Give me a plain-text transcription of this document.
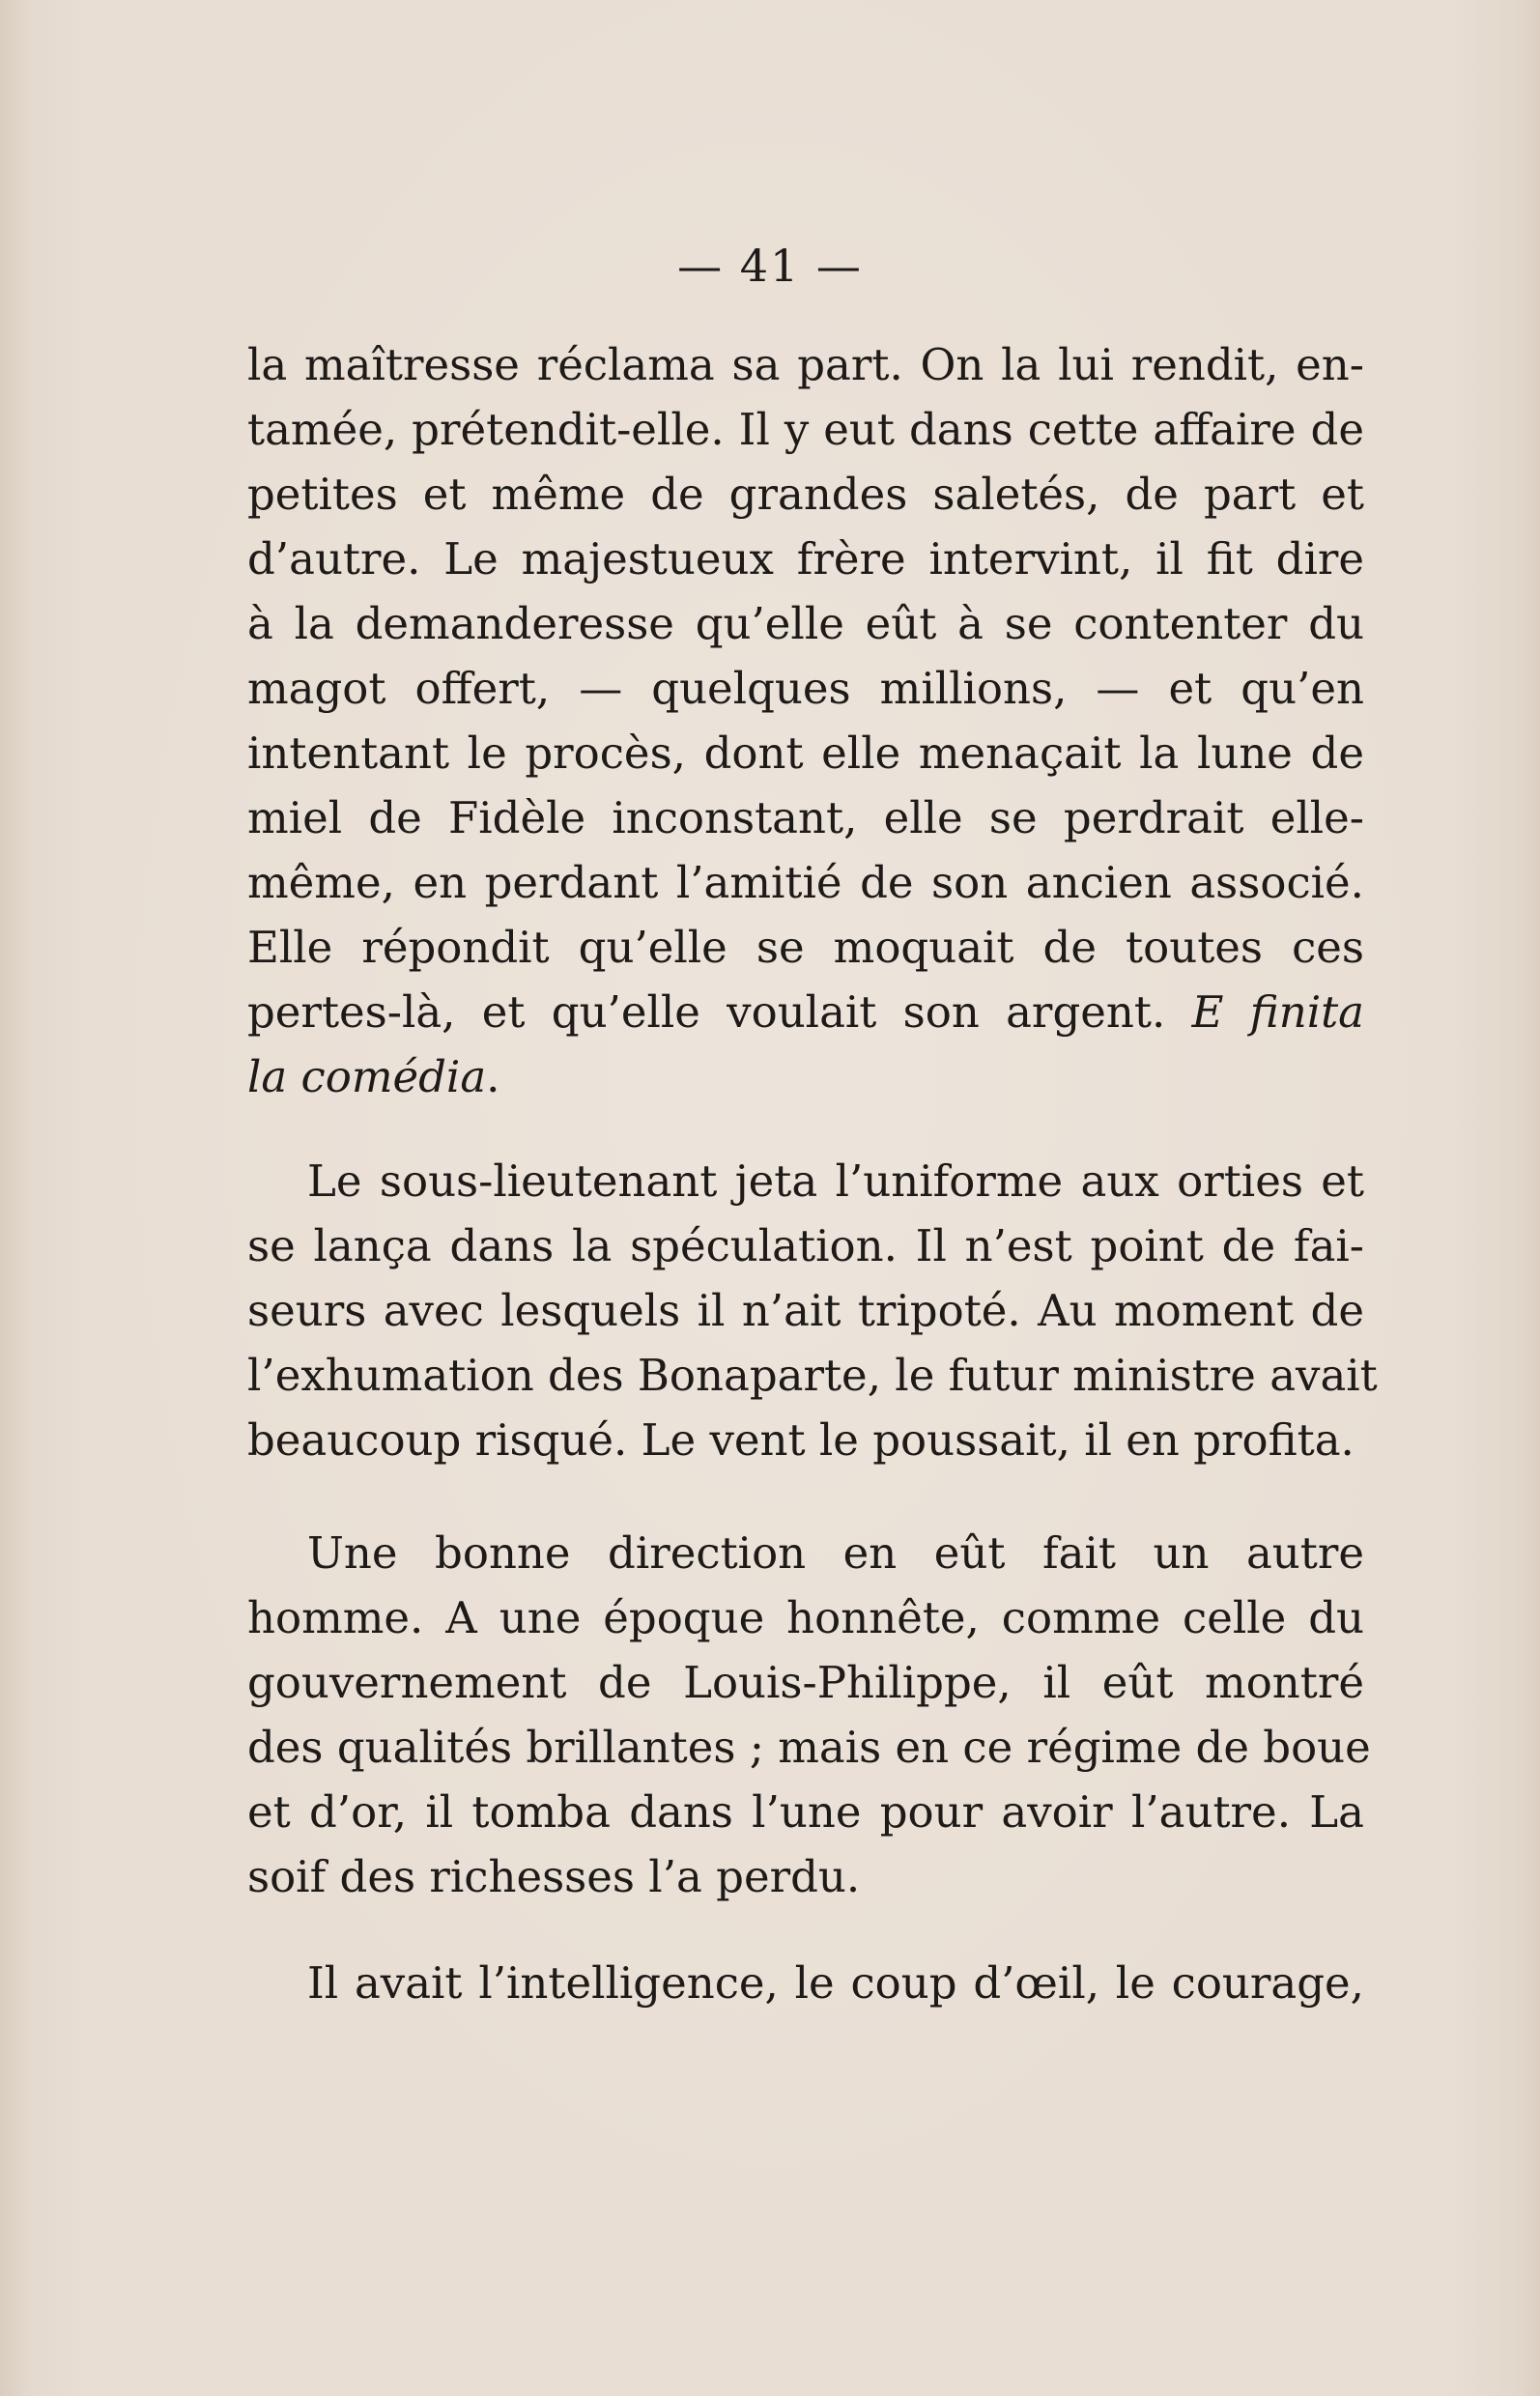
— 41 —
la maîtresse réclama sa part. On la lui rendit, en-
tamée, prétendit-elle. Il y eut dans cette affaire de
petites et même de grandes saletés, de part et
d’autre. Le majestueux frère intervint, il fit dire
à la demanderesse qu’elle eût à se contenter du
magot offert, — quelques millions, — et qu’en
intentant le procès, dont elle menaçait la lune de
miel de Fidèle inconstant, elle se perdrait elle-
même, en perdant l’amitié de son ancien associé.
Elle répondit qu’elle se moquait de toutes ces
pertes-là, et qu’elle voulait son argent. E finita
la comédia.
Le sous-lieutenant jeta l’uniforme aux orties et
se lança dans la spéculation. Il n’est point de fai-
seurs avec lesquels il n’ait tripoté. Au moment de
l’exhumation des Bonaparte, le futur ministre avait
beaucoup risqué. Le vent le poussait, il en profita.
Une bonne direction en eût fait un autre
homme. A une époque honnête, comme celle du
gouvernement de Louis-Philippe, il eût montré
des qualités brillantes ; mais en ce régime de boue
et d’or, il tomba dans l’une pour avoir l’autre. La
soif des richesses l’a perdu.
Il avait l’intelligence, le coup d’œil, le courage,
